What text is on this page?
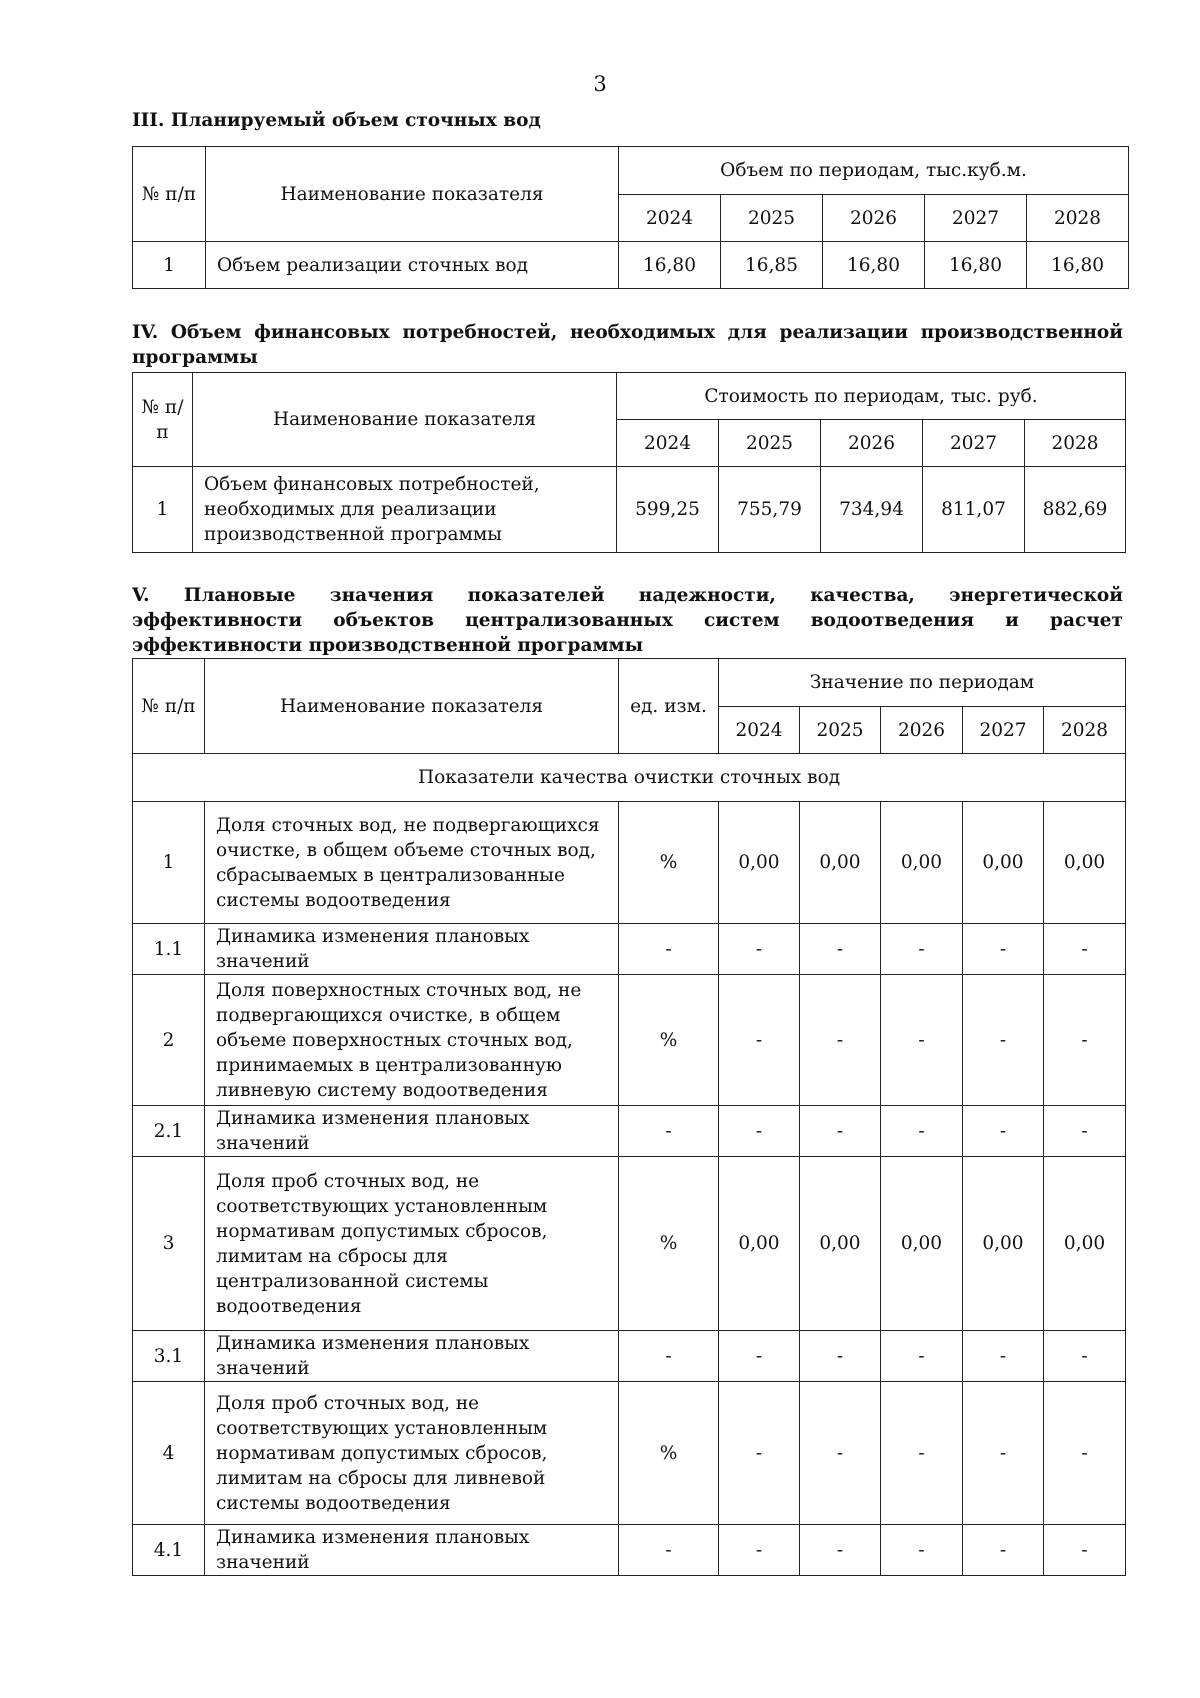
3

III. Планируемый объем сточных вод

№ п/п	Наименование показателя	Объем по периодам, тыс.куб.м.				
		2024	2025	2026	2027	2028
1	Объем реализации сточных вод	16,80	16,85	16,80	16,80	16,80

IV. Объем финансовых потребностей, необходимых для реализации производственной программы

№ п/п	Наименование показателя	Стоимость по периодам, тыс. руб.				
		2024	2025	2026	2027	2028
1	Объем финансовых потребностей, необходимых для реализации производственной программы	599,25	755,79	734,94	811,07	882,69

V. Плановые значения показателей надежности, качества, энергетической эффективности объектов централизованных систем водоотведения и расчет эффективности производственной программы

№ п/п	Наименование показателя	ед. изм.	Значение по периодам				
			2024	2025	2026	2027	2028
Показатели качества очистки сточных вод							
1	Доля сточных вод, не подвергающихся очистке, в общем объеме сточных вод, сбрасываемых в централизованные системы водоотведения	%	0,00	0,00	0,00	0,00	0,00
1.1	Динамика изменения плановых значений	-	-	-	-	-	-
2	Доля поверхностных сточных вод, не подвергающихся очистке, в общем объеме поверхностных сточных вод, принимаемых в централизованную ливневую систему водоотведения	%	-	-	-	-	-
2.1	Динамика изменения плановых значений	-	-	-	-	-	-
3	Доля проб сточных вод, не соответствующих установленным нормативам допустимых сбросов, лимитам на сбросы для централизованной системы водоотведения	%	0,00	0,00	0,00	0,00	0,00
3.1	Динамика изменения плановых значений	-	-	-	-	-	-
4	Доля проб сточных вод, не соответствующих установленным нормативам допустимых сбросов, лимитам на сбросы для ливневой системы водоотведения	%	-	-	-	-	-
4.1	Динамика изменения плановых значений	-	-	-	-	-	-
